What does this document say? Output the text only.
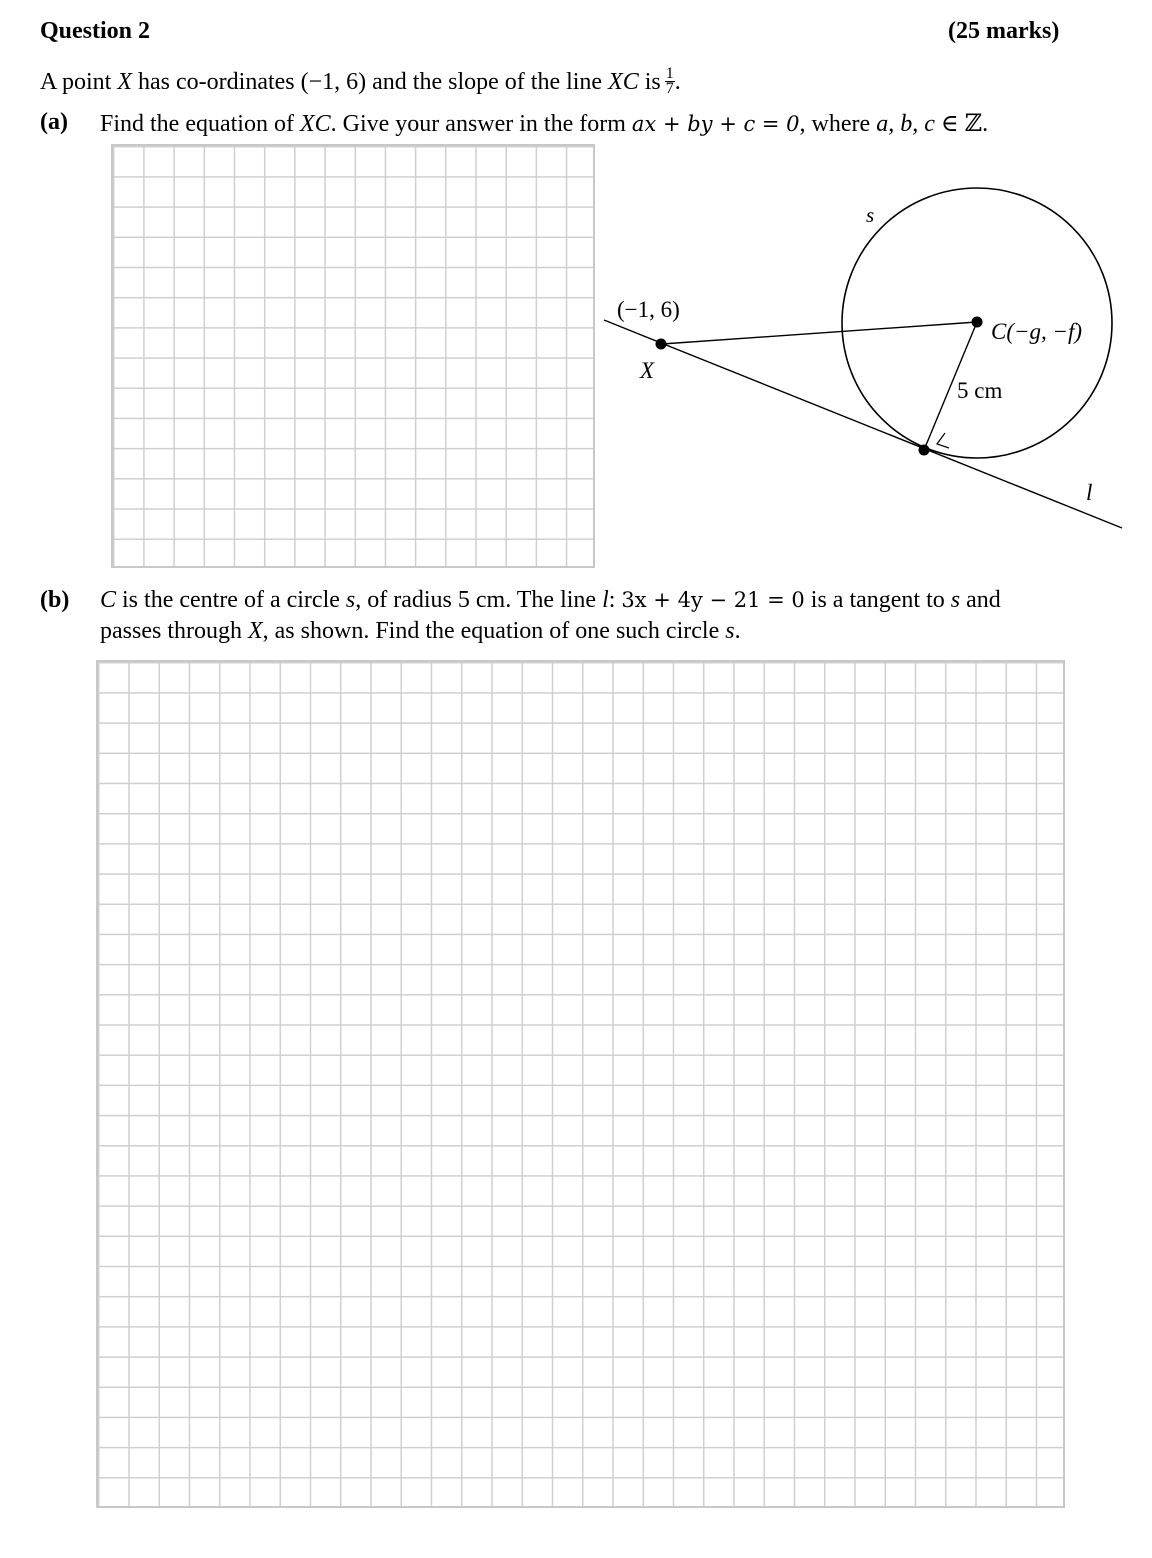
Question 2	(25 marks)
A point X has co-ordinates (−1, 6) and the slope of the line XC is $\frac{1}{7}$ .
(a) Find the equation of XC. Give your answer in the form ax + by + c = 0, where a, b, c ∈ ℤ.
s
(−1, 6)
X
C(−g, −f)
5 cm
l
(b) C is the centre of a circle s, of radius 5 cm. The line l: 3x + 4y − 21 = 0 is a tangent to s and
passes through X, as shown. Find the equation of one such circle s.
